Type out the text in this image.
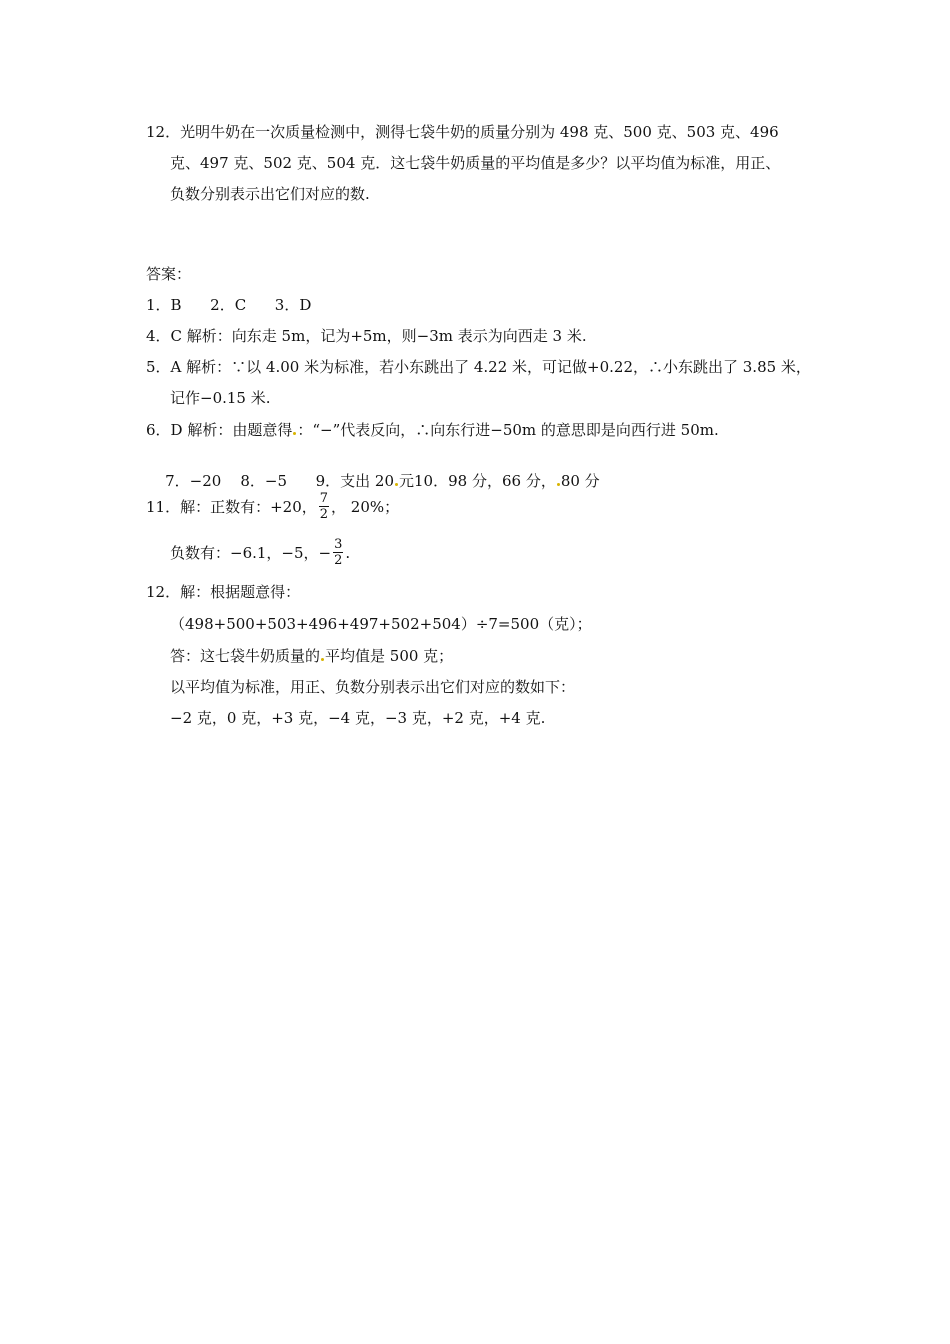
12．光明牛奶在一次质量检测中，测得七袋牛奶的质量分别为 498 克、500 克、503 克、496
克、497 克、502 克、504 克．这七袋牛奶质量的平均值是多少？以平均值为标准，用正、
负数分别表示出它们对应的数.
答案：
1．B      2．C      3．D
4．C 解析：向东走 5m，记为+5m，则−3m 表示为向西走 3 米.
5．A 解析：∵以 4.00 米为标准，若小东跳出了 4.22 米，可记做+0.22，∴小东跳出了 3.85 米，
记作−0.15 米.
6．D 解析：由题意得 ：“−”代表反向，∴向东行进−50m 的意思即是向西行进 50m.

7．−20    8．−5      9．支出 20 元10．98 分，66 分， 80 分

11．解：正数有：+20， $\frac{7}{2}$ ， 20%；
负数有：−6.1，−5，− $\frac{3}{2}$ .
12．解：根据题意得：
（498+500+503+496+497+502+504）÷7=500（克）；
答：这七袋牛奶质量的 平均值是 500 克；
以平均值为标准，用正、负数分别表示出它们对应的数如下：
−2 克，0 克，+3 克，−4 克，−3 克，+2 克，+4 克.
